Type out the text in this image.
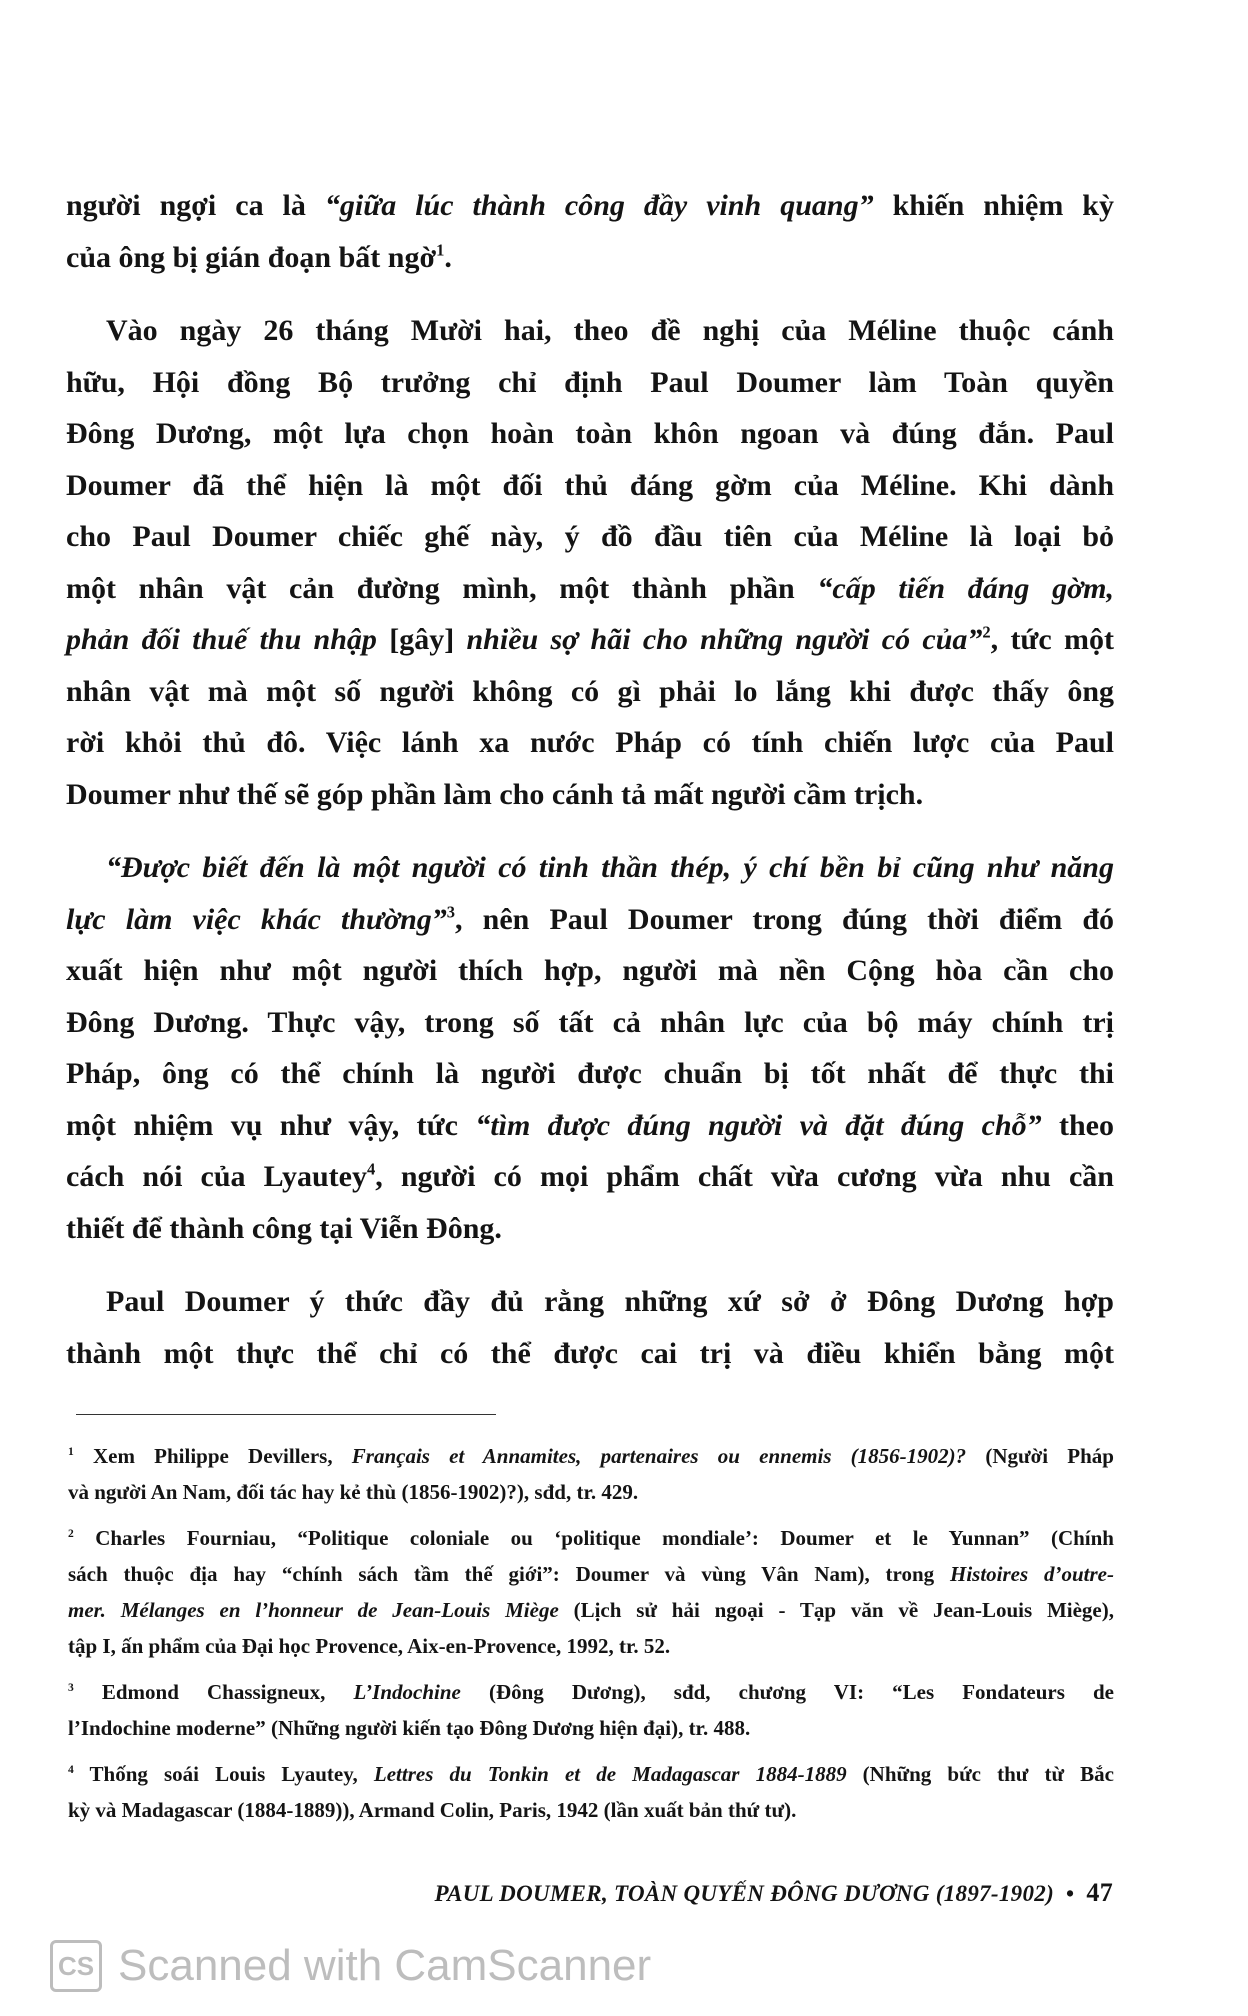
người ngợi ca là “giữa lúc thành công đầy vinh quang” khiến nhiệm kỳ
của ông bị gián đoạn bất ngờ$^1$.
Vào ngày 26 tháng Mười hai, theo đề nghị của Méline thuộc cánh
hữu, Hội đồng Bộ trưởng chỉ định Paul Doumer làm Toàn quyền
Đông Dương, một lựa chọn hoàn toàn khôn ngoan và đúng đắn. Paul
Doumer đã thể hiện là một đối thủ đáng gờm của Méline. Khi dành
cho Paul Doumer chiếc ghế này, ý đồ đầu tiên của Méline là loại bỏ
một nhân vật cản đường mình, một thành phần “cấp tiến đáng gờm,
phản đối thuế thu nhập [gây] nhiều sợ hãi cho những người có của”$^2$, tức một
nhân vật mà một số người không có gì phải lo lắng khi được thấy ông
rời khỏi thủ đô. Việc lánh xa nước Pháp có tính chiến lược của Paul
Doumer như thế sẽ góp phần làm cho cánh tả mất người cầm trịch.
“Được biết đến là một người có tinh thần thép, ý chí bền bỉ cũng như năng
lực làm việc khác thường”$^3$, nên Paul Doumer trong đúng thời điểm đó
xuất hiện như một người thích hợp, người mà nền Cộng hòa cần cho
Đông Dương. Thực vậy, trong số tất cả nhân lực của bộ máy chính trị
Pháp, ông có thể chính là người được chuẩn bị tốt nhất để thực thi
một nhiệm vụ như vậy, tức “tìm được đúng người và đặt đúng chỗ” theo
cách nói của Lyautey$^4$, người có mọi phẩm chất vừa cương vừa nhu cần
thiết để thành công tại Viễn Đông.
Paul Doumer ý thức đầy đủ rằng những xứ sở ở Đông Dương hợp
thành một thực thể chỉ có thể được cai trị và điều khiển bằng một
$^1$ Xem Philippe Devillers, Français et Annamites, partenaires ou ennemis (1856-1902)? (Người Pháp
và người An Nam, đối tác hay kẻ thù (1856-1902)?), sđd, tr. 429.
$^2$ Charles Fourniau, “Politique coloniale ou ‘politique mondiale’: Doumer et le Yunnan” (Chính
sách thuộc địa hay “chính sách tầm thế giới”: Doumer và vùng Vân Nam), trong Histoires d’outre-
mer. Mélanges en l’honneur de Jean-Louis Miège (Lịch sử hải ngoại - Tạp văn về Jean-Louis Miège),
tập I, ấn phẩm của Đại học Provence, Aix-en-Provence, 1992, tr. 52.
$^3$ Edmond Chassigneux, L’Indochine (Đông Dương), sđd, chương VI: “Les Fondateurs de
l’Indochine moderne” (Những người kiến tạo Đông Dương hiện đại), tr. 488.
$^4$ Thống soái Louis Lyautey, Lettres du Tonkin et de Madagascar 1884-1889 (Những bức thư từ Bắc
kỳ và Madagascar (1884-1889)), Armand Colin, Paris, 1942 (lần xuất bản thứ tư).
PAUL DOUMER, TOÀN QUYẾN ĐÔNG DƯƠNG (1897-1902) • 47
CS Scanned with CamScanner
